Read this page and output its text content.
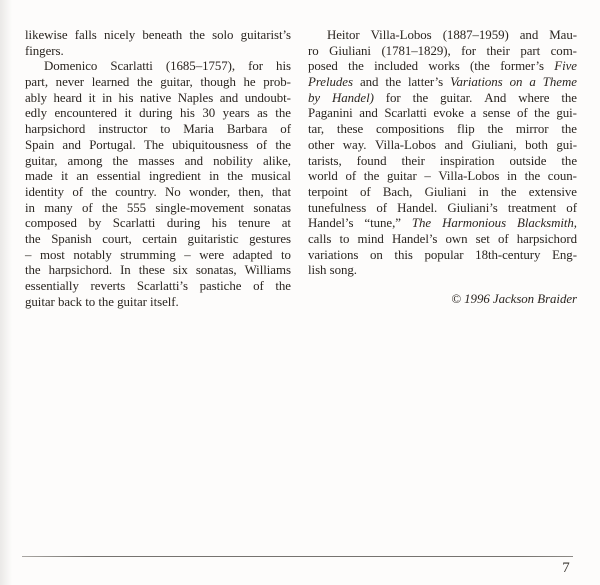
likewise falls nicely beneath the solo guitarist’s
fingers.
Domenico Scarlatti (1685–1757), for his
part, never learned the guitar, though he prob-
ably heard it in his native Naples and undoubt-
edly encountered it during his 30 years as the
harpsichord instructor to Maria Barbara of
Spain and Portugal. The ubiquitousness of the
guitar, among the masses and nobility alike,
made it an essential ingredient in the musical
identity of the country. No wonder, then, that
in many of the 555 single-movement sonatas
composed by Scarlatti during his tenure at
the Spanish court, certain guitaristic gestures
– most notably strumming – were adapted to
the harpsichord. In these six sonatas, Williams
essentially reverts Scarlatti’s pastiche of the
guitar back to the guitar itself.
Heitor Villa-Lobos (1887–1959) and Mau-
ro Giuliani (1781–1829), for their part com-
posed the included works (the former’s Five
Preludes and the latter’s Variations on a Theme
by Handel) for the guitar. And where the
Paganini and Scarlatti evoke a sense of the gui-
tar, these compositions flip the mirror the
other way. Villa-Lobos and Giuliani, both gui-
tarists, found their inspiration outside the
world of the guitar – Villa-Lobos in the coun-
terpoint of Bach, Giuliani in the extensive
tunefulness of Handel. Giuliani’s treatment of
Handel’s “tune,” The Harmonious Blacksmith,
calls to mind Handel’s own set of harpsichord
variations on this popular 18th-century Eng-
lish song.
© 1996 Jackson Braider
7
